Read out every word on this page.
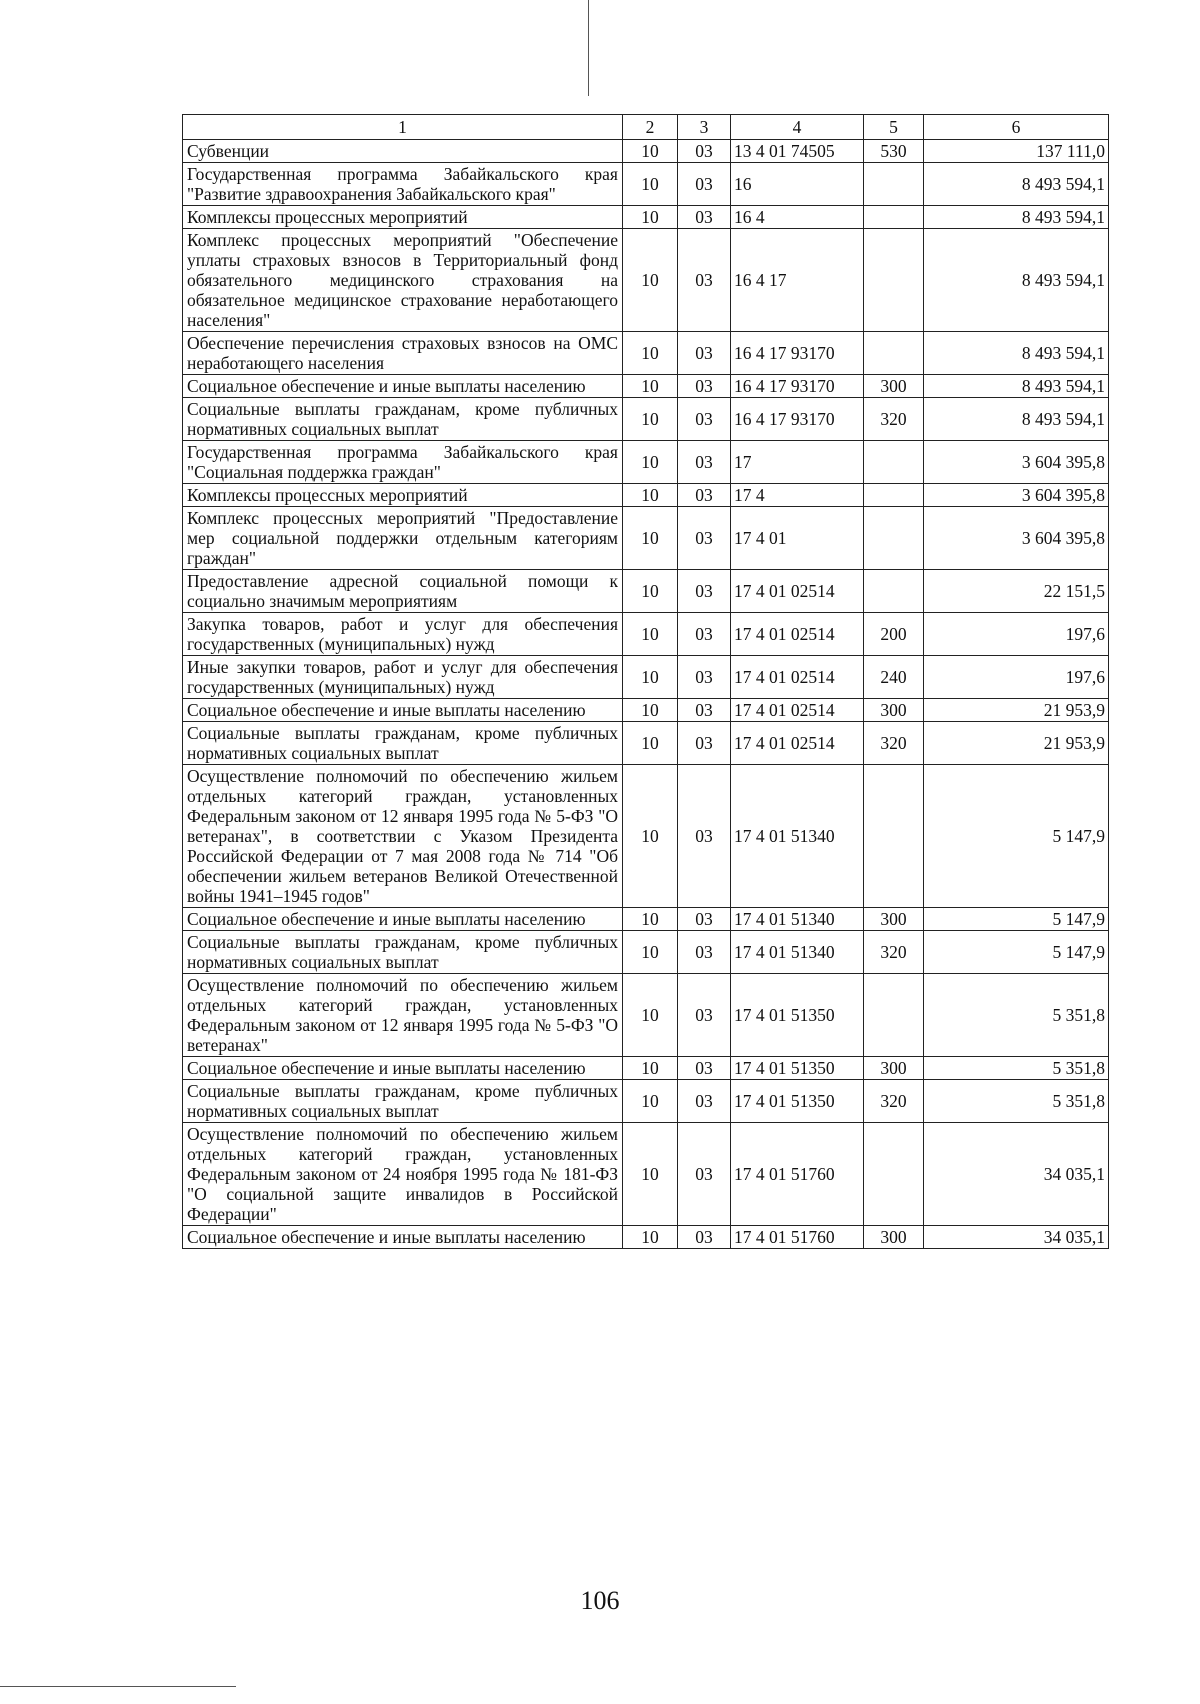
1	2	3	4	5	6
Субвенции	10	03	13 4 01 74505	530	137 111,0
Государственная программа Забайкальского края "Развитие здравоохранения Забайкальского края"	10	03	16		8 493 594,1
Комплексы процессных мероприятий	10	03	16 4		8 493 594,1
Комплекс процессных мероприятий "Обеспечение уплаты страховых взносов в Территориальный фонд обязательного медицинского страхования на обязательное медицинское страхование неработающего населения"	10	03	16 4 17		8 493 594,1
Обеспечение перечисления страховых взносов на ОМС неработающего населения	10	03	16 4 17 93170		8 493 594,1
Социальное обеспечение и иные выплаты населению	10	03	16 4 17 93170	300	8 493 594,1
Социальные выплаты гражданам, кроме публичных нормативных социальных выплат	10	03	16 4 17 93170	320	8 493 594,1
Государственная программа Забайкальского края "Социальная поддержка граждан"	10	03	17		3 604 395,8
Комплексы процессных мероприятий	10	03	17 4		3 604 395,8
Комплекс процессных мероприятий "Предоставление мер социальной поддержки отдельным категориям граждан"	10	03	17 4 01		3 604 395,8
Предоставление адресной социальной помощи к социально значимым мероприятиям	10	03	17 4 01 02514		22 151,5
Закупка товаров, работ и услуг для обеспечения государственных (муниципальных) нужд	10	03	17 4 01 02514	200	197,6
Иные закупки товаров, работ и услуг для обеспечения государственных (муниципальных) нужд	10	03	17 4 01 02514	240	197,6
Социальное обеспечение и иные выплаты населению	10	03	17 4 01 02514	300	21 953,9
Социальные выплаты гражданам, кроме публичных нормативных социальных выплат	10	03	17 4 01 02514	320	21 953,9
Осуществление полномочий по обеспечению жильем отдельных категорий граждан, установленных Федеральным законом от 12 января 1995 года № 5-ФЗ "О ветеранах", в соответствии с Указом Президента Российской Федерации от 7 мая 2008 года № 714 "Об обеспечении жильем ветеранов Великой Отечественной войны 1941–1945 годов"	10	03	17 4 01 51340		5 147,9
Социальное обеспечение и иные выплаты населению	10	03	17 4 01 51340	300	5 147,9
Социальные выплаты гражданам, кроме публичных нормативных социальных выплат	10	03	17 4 01 51340	320	5 147,9
Осуществление полномочий по обеспечению жильем отдельных категорий граждан, установленных Федеральным законом от 12 января 1995 года № 5-ФЗ "О ветеранах"	10	03	17 4 01 51350		5 351,8
Социальное обеспечение и иные выплаты населению	10	03	17 4 01 51350	300	5 351,8
Социальные выплаты гражданам, кроме публичных нормативных социальных выплат	10	03	17 4 01 51350	320	5 351,8
Осуществление полномочий по обеспечению жильем отдельных категорий граждан, установленных Федеральным законом от 24 ноября 1995 года № 181-ФЗ "О социальной защите инвалидов в Российской Федерации"	10	03	17 4 01 51760		34 035,1
Социальное обеспечение и иные выплаты населению	10	03	17 4 01 51760	300	34 035,1
106
